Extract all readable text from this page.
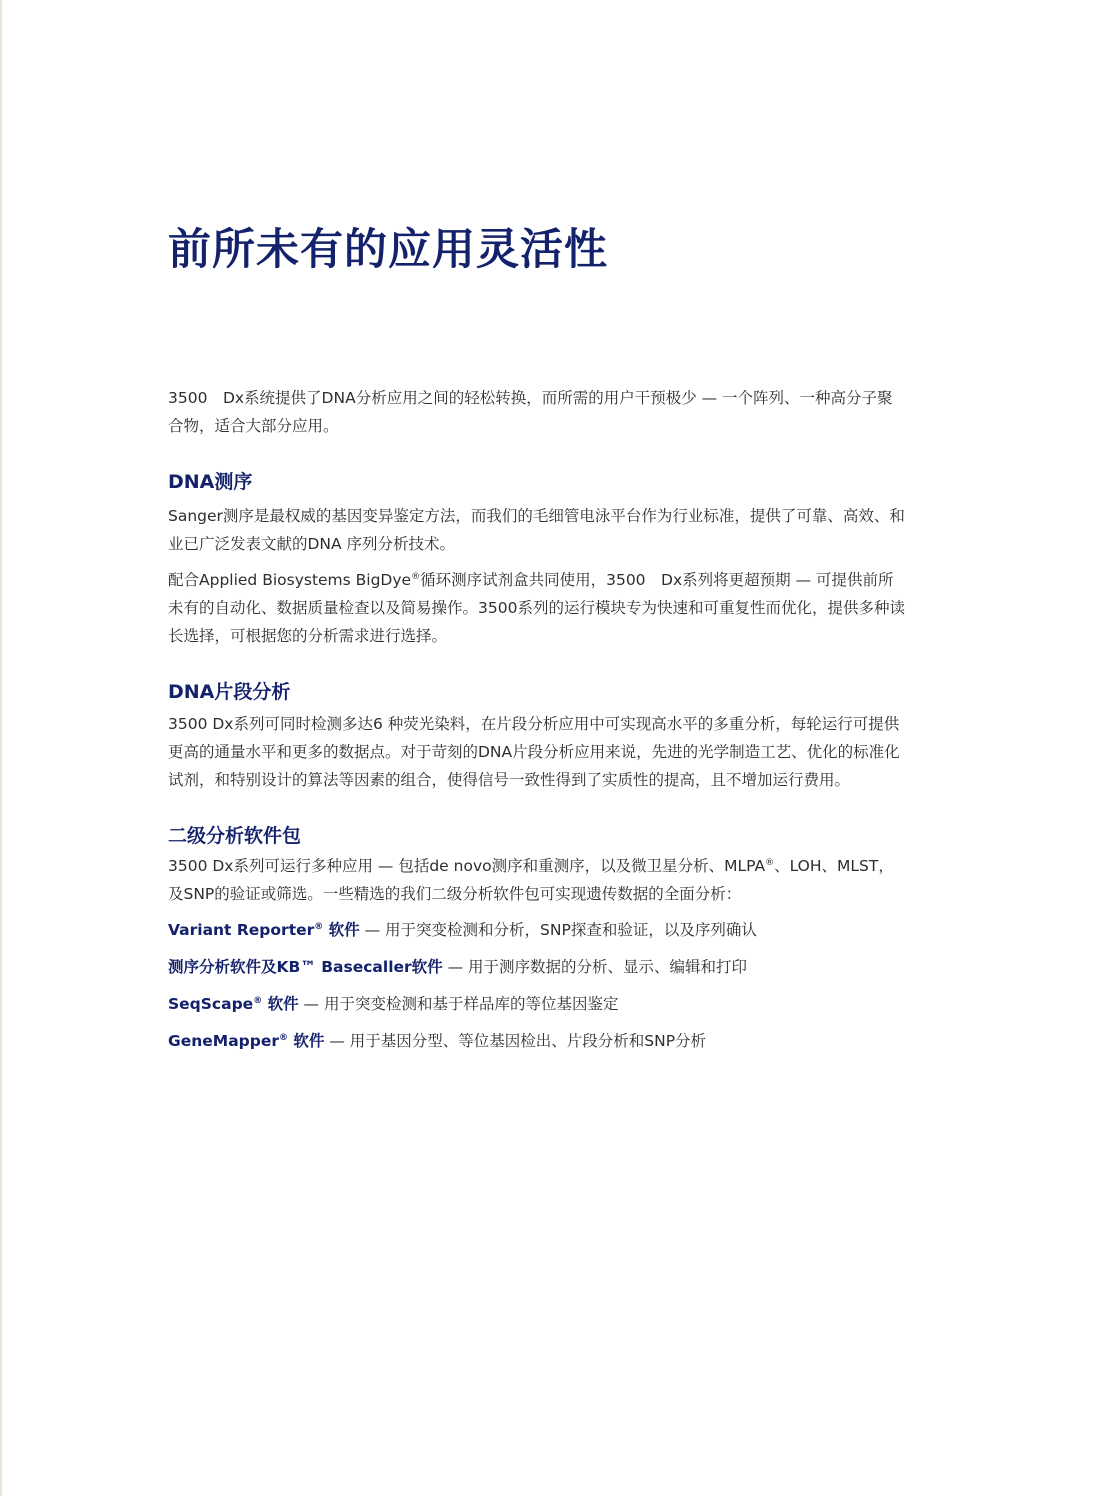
前所未有的应用灵活性

3500　Dx系统提供了DNA分析应用之间的轻松转换，而所需的用户干预极少 — 一个阵列、一种高分子聚合物，适合大部分应用。

DNA测序

Sanger测序是最权威的基因变异鉴定方法，而我们的毛细管电泳平台作为行业标准，提供了可靠、高效、和业已广泛发表文献的DNA 序列分析技术。

配合Applied Biosystems BigDye®循环测序试剂盒共同使用，3500　Dx系列将更超预期 — 可提供前所未有的自动化、数据质量检查以及简易操作。3500系列的运行模块专为快速和可重复性而优化，提供多种读长选择，可根据您的分析需求进行选择。

DNA片段分析

3500 Dx系列可同时检测多达6 种荧光染料，在片段分析应用中可实现高水平的多重分析，每轮运行可提供更高的通量水平和更多的数据点。对于苛刻的DNA片段分析应用来说，先进的光学制造工艺、优化的标准化试剂，和特别设计的算法等因素的组合，使得信号一致性得到了实质性的提高，且不增加运行费用。

二级分析软件包

3500 Dx系列可运行多种应用 — 包括de novo测序和重测序，以及微卫星分析、MLPA®、LOH、MLST，及SNP的验证或筛选。一些精选的我们二级分析软件包可实现遗传数据的全面分析：

Variant Reporter® 软件 — 用于突变检测和分析，SNP探查和验证，以及序列确认
测序分析软件及KB™ Basecaller软件 — 用于测序数据的分析、显示、编辑和打印
SeqScape® 软件 — 用于突变检测和基于样品库的等位基因鉴定
GeneMapper® 软件 — 用于基因分型、等位基因检出、片段分析和SNP分析
